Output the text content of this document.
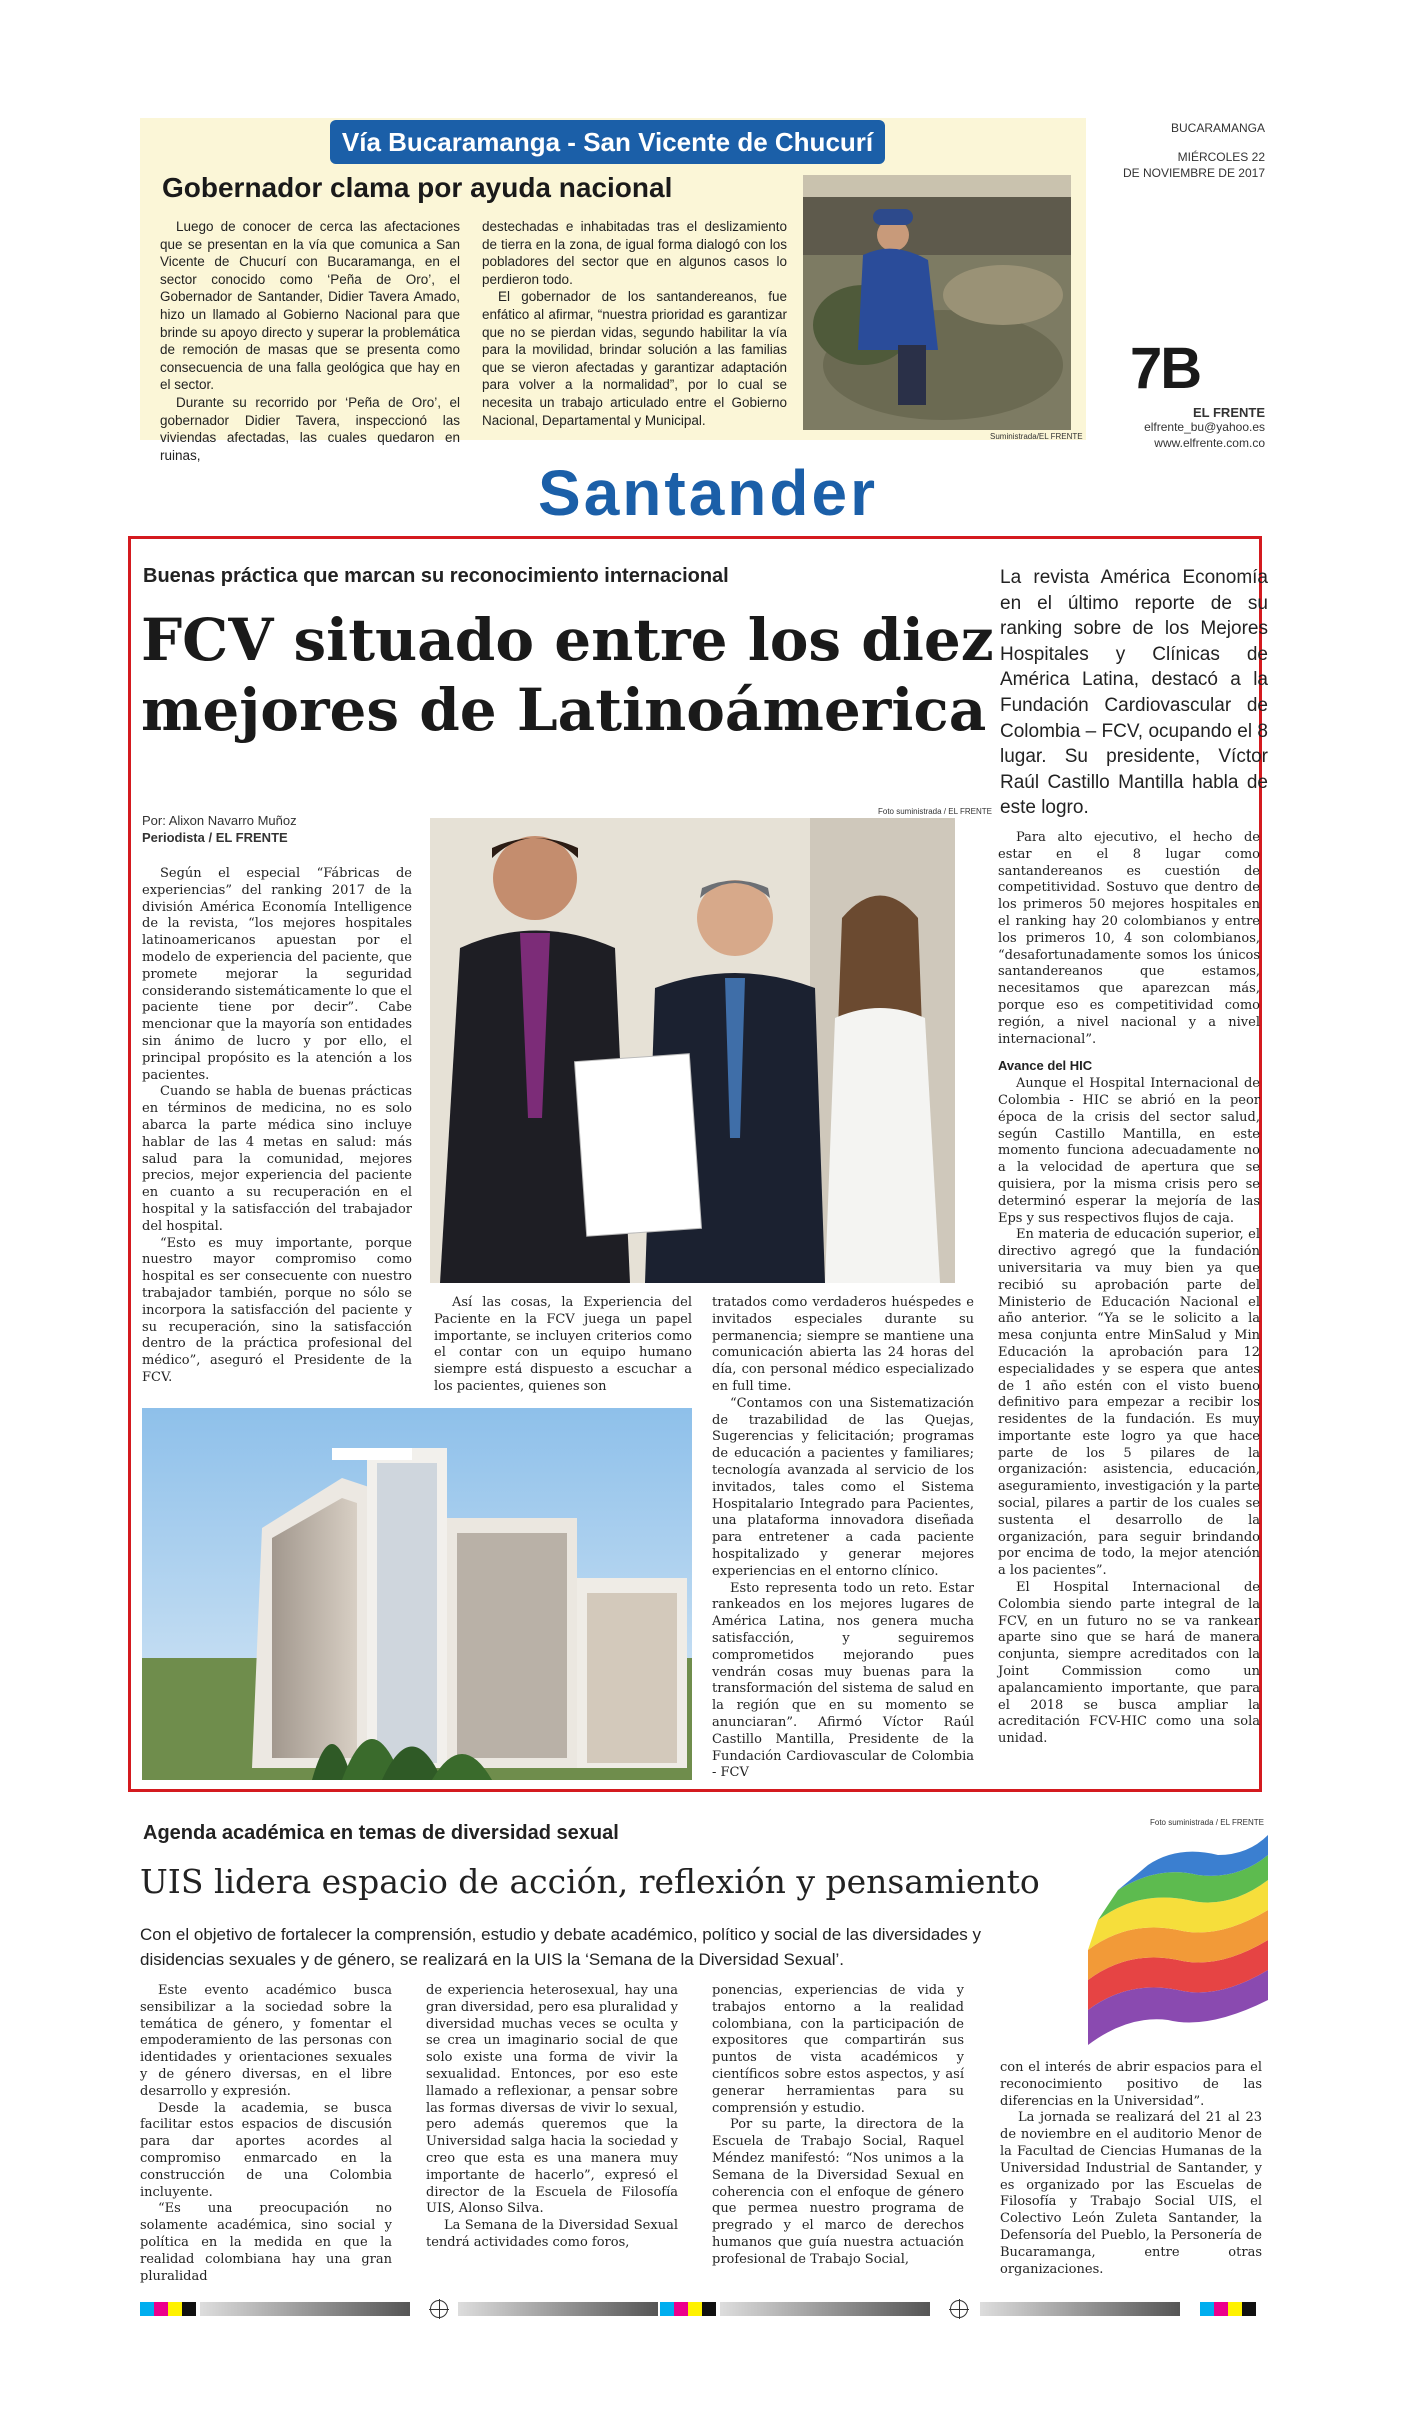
Vía Bucaramanga - San Vicente de Chucurí
Gobernador clama por ayuda nacional

Luego de conocer de cerca las afectaciones que se presentan en la vía que comunica a San Vicente de Chucurí con Bucaramanga, en el sector conocido como ‘Peña de Oro’, el Gobernador de Santander, Didier Tavera Amado, hizo un llamado al Gobierno Nacional para que brinde su apoyo directo y superar la problemática de remoción de masas que se presenta como consecuencia de una falla geológica que hay en el sector.

Durante su recorrido por ‘Peña de Oro’, el gobernador Didier Tavera, inspeccionó las viviendas afectadas, las cuales quedaron en ruinas,

destechadas e inhabitadas tras el deslizamiento de tierra en la zona, de igual forma dialogó con los pobladores del sector que en algunos casos lo perdieron todo.

El gobernador de los santandereanos, fue enfático al afirmar, “nuestra prioridad es garantizar que no se pierdan vidas, segundo habilitar la vía para la movilidad, brindar solución a las familias que se vieron afectadas y garantizar adaptación para volver a la normalidad”, por lo cual se necesita un trabajo articulado entre el Gobierno Nacional, Departamental y Municipal.

Suministrada/EL FRENTE
BUCARAMANGA
MIÉRCOLES 22
DE NOVIEMBRE DE 2017
7B
EL FRENTE
elfrente_bu@yahoo.es
www.elfrente.com.co
Santander
Buenas práctica que marcan su reconocimiento internacional
FCV situado entre los diez mejores de Latinoámerica
La revista América Economía en el último reporte de su ranking sobre de los Mejores Hospitales y Clínicas de América Latina, destacó a la Fundación Cardiovascular de Colombia – FCV, ocupando el 8 lugar. Su presidente, Víctor Raúl Castillo Mantilla habla de este logro.
Por: Alixon Navarro Muñoz
Periodista / EL FRENTE

Según el especial “Fábricas de experiencias” del ranking 2017 de la división América Economía Intelligence de la revista, “los mejores hospitales latinoamericanos apuestan por el modelo de experiencia del paciente, que promete mejorar la seguridad considerando sistemáticamente lo que el paciente tiene por decir”. Cabe mencionar que la mayoría son entidades sin ánimo de lucro y por ello, el principal propósito es la atención a los pacientes.

Cuando se habla de buenas prácticas en términos de medicina, no es solo abarca la parte médica sino incluye hablar de las 4 metas en salud: más salud para la comunidad, mejores precios, mejor experiencia del paciente en cuanto a su recuperación en el hospital y la satisfacción del trabajador del hospital.

“Esto es muy importante, porque nuestro mayor compromiso como hospital es ser consecuente con nuestro trabajador también, porque no sólo se incorpora la satisfacción del paciente y su recuperación, sino la satisfacción dentro de la práctica profesional del médico”, aseguró el Presidente de la FCV.

Foto suministrada / EL FRENTE

Así las cosas, la Experiencia del Paciente en la FCV juega un papel importante, se incluyen criterios como el contar con un equipo humano siempre está dispuesto a escuchar a los pacientes, quienes son

tratados como verdaderos huéspedes e invitados especiales durante su permanencia; siempre se mantiene una comunicación abierta las 24 horas del día, con personal médico especializado en full time.

“Contamos con una Sistematización de trazabilidad de las Quejas, Sugerencias y felicitación; programas de educación a pacientes y familiares; tecnología avanzada al servicio de los invitados, tales como el Sistema Hospitalario Integrado para Pacientes, una plataforma innovadora diseñada para entretener a cada paciente hospitalizado y generar mejores experiencias en el entorno clínico.

Esto representa todo un reto. Estar rankeados en los mejores lugares de América Latina, nos genera mucha satisfacción, y seguiremos comprometidos mejorando pues vendrán cosas muy buenas para la transformación del sistema de salud en la región que en su momento se anunciaran”. Afirmó Víctor Raúl Castillo Mantilla, Presidente de la Fundación Cardiovascular de Colombia - FCV

Para alto ejecutivo, el hecho de estar en el 8 lugar como santandereanos es cuestión de competitividad. Sostuvo que dentro de los primeros 50 mejores hospitales en el ranking hay 20 colombianos y entre los primeros 10, 4 son colombianos, “desafortunadamente somos los únicos santandereanos que estamos, necesitamos que aparezcan más, porque eso es competitividad como región, a nivel nacional y a nivel internacional”.

Avance del HIC

Aunque el Hospital Internacional de Colombia - HIC se abrió en la peor época de la crisis del sector salud, según Castillo Mantilla, en este momento funciona adecuadamente no a la velocidad de apertura que se quisiera, por la misma crisis pero se determinó esperar la mejoría de las Eps y sus respectivos flujos de caja.

En materia de educación superior, el directivo agregó que la fundación universitaria va muy bien ya que recibió su aprobación parte del Ministerio de Educación Nacional el año anterior. “Ya se le solicito a la mesa conjunta entre MinSalud y Min Educación la aprobación para 12 especialidades y se espera que antes de 1 año estén con el visto bueno definitivo para empezar a recibir los residentes de la fundación. Es muy importante este logro ya que hace parte de los 5 pilares de la organización: asistencia, educación, aseguramiento, investigación y la parte social, pilares a partir de los cuales se sustenta el desarrollo de la organización, para seguir brindando por encima de todo, la mejor atención a los pacientes”.

El Hospital Internacional de Colombia siendo parte integral de la FCV, en un futuro no se va rankear aparte sino que se hará de manera conjunta, siempre acreditados con la Joint Commission como un apalancamiento importante, que para el 2018 se busca ampliar la acreditación FCV-HIC como una sola unidad.

Agenda académica en temas de diversidad sexual
UIS lidera espacio de acción, reflexión y pensamiento
Con el objetivo de fortalecer la comprensión, estudio y debate académico, político y social de las diversidades y disidencias sexuales y de género, se realizará en la UIS la ‘Semana de la Diversidad Sexual’.
Foto suministrada / EL FRENTE

Este evento académico busca sensibilizar a la sociedad sobre la temática de género, y fomentar el empoderamiento de las personas con identidades y orientaciones sexuales y de género diversas, en el libre desarrollo y expresión.

Desde la academia, se busca facilitar estos espacios de discusión para dar aportes acordes al compromiso enmarcado en la construcción de una Colombia incluyente.

“Es una preocupación no solamente académica, sino social y política en la medida en que la realidad colombiana hay una gran pluralidad

de experiencia heterosexual, hay una gran diversidad, pero esa pluralidad y diversidad muchas veces se oculta y se crea un imaginario social de que solo existe una forma de vivir la sexualidad. Entonces, por eso este llamado a reflexionar, a pensar sobre las formas diversas de vivir lo sexual, pero además queremos que la Universidad salga hacia la sociedad y creo que esta es una manera muy importante de hacerlo”, expresó el director de la Escuela de Filosofía UIS, Alonso Silva.

La Semana de la Diversidad Sexual tendrá actividades como foros,

ponencias, experiencias de vida y trabajos entorno a la realidad colombiana, con la participación de expositores que compartirán sus puntos de vista académicos y científicos sobre estos aspectos, y así generar herramientas para su comprensión y estudio.

Por su parte, la directora de la Escuela de Trabajo Social, Raquel Méndez manifestó: “Nos unimos a la Semana de la Diversidad Sexual en coherencia con el enfoque de género que permea nuestro programa de pregrado y el marco de derechos humanos que guía nuestra actuación profesional de Trabajo Social,

con el interés de abrir espacios para el reconocimiento positivo de las diferencias en la Universidad”.

La jornada se realizará del 21 al 23 de noviembre en el auditorio Menor de la Facultad de Ciencias Humanas de la Universidad Industrial de Santander, y es organizado por las Escuelas de Filosofía y Trabajo Social UIS, el Colectivo León Zuleta Santander, la Defensoría del Pueblo, la Personería de Bucaramanga, entre otras organizaciones.
